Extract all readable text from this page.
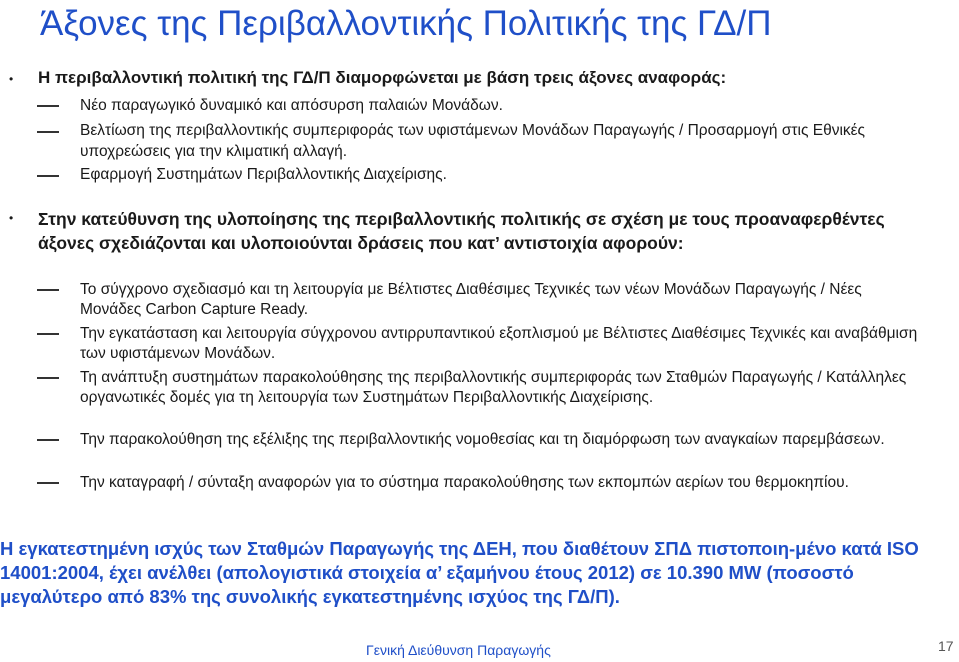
Άξονες της Περιβαλλοντικής Πολιτικής της ΓΔ/Π
• Η περιβαλλοντική πολιτική της ΓΔ/Π διαμορφώνεται με βάση τρεις άξονες αναφοράς:
Νέο παραγωγικό δυναμικό και απόσυρση παλαιών Μονάδων.
Βελτίωση της περιβαλλοντικής συμπεριφοράς των υφιστάμενων Μονάδων Παραγωγής / Προσαρμογή στις Εθνικές υποχρεώσεις για την κλιματική αλλαγή.
Εφαρμογή Συστημάτων Περιβαλλοντικής Διαχείρισης.
• Στην κατεύθυνση της υλοποίησης της περιβαλλοντικής πολιτικής σε σχέση με τους προαναφερθέντες άξονες σχεδιάζονται και υλοποιούνται δράσεις που κατ’ αντιστοιχία αφορούν:
Το σύγχρονο σχεδιασμό και τη λειτουργία με Βέλτιστες Διαθέσιμες Τεχνικές των νέων Μονάδων Παραγωγής / Νέες Μονάδες Carbon Capture Ready.
Την εγκατάσταση και λειτουργία σύγχρονου αντιρρυπαντικού εξοπλισμού με Βέλτιστες Διαθέσιμες Τεχνικές και αναβάθμιση των υφιστάμενων Μονάδων.
Τη ανάπτυξη συστημάτων παρακολούθησης της περιβαλλοντικής συμπεριφοράς των Σταθμών Παραγωγής / Κατάλληλες οργανωτικές δομές για τη λειτουργία των Συστημάτων Περιβαλλοντικής Διαχείρισης.
Την παρακολούθηση της εξέλιξης της περιβαλλοντικής νομοθεσίας και τη διαμόρφωση των αναγκαίων παρεμβάσεων.
Την καταγραφή / σύνταξη αναφορών για το σύστημα παρακολούθησης των εκπομπών αερίων του θερμοκηπίου.
Η εγκατεστημένη ισχύς των Σταθμών Παραγωγής της ΔΕΗ, που διαθέτουν ΣΠΔ πιστοποιη-μένο κατά ISO 14001:2004, έχει ανέλθει (απολογιστικά στοιχεία α’ εξαμήνου έτους 2012) σε 10.390 MW (ποσοστό μεγαλύτερο από 83% της συνολικής εγκατεστημένης ισχύος της ΓΔ/Π).
Γενική Διεύθυνση Παραγωγής	17
